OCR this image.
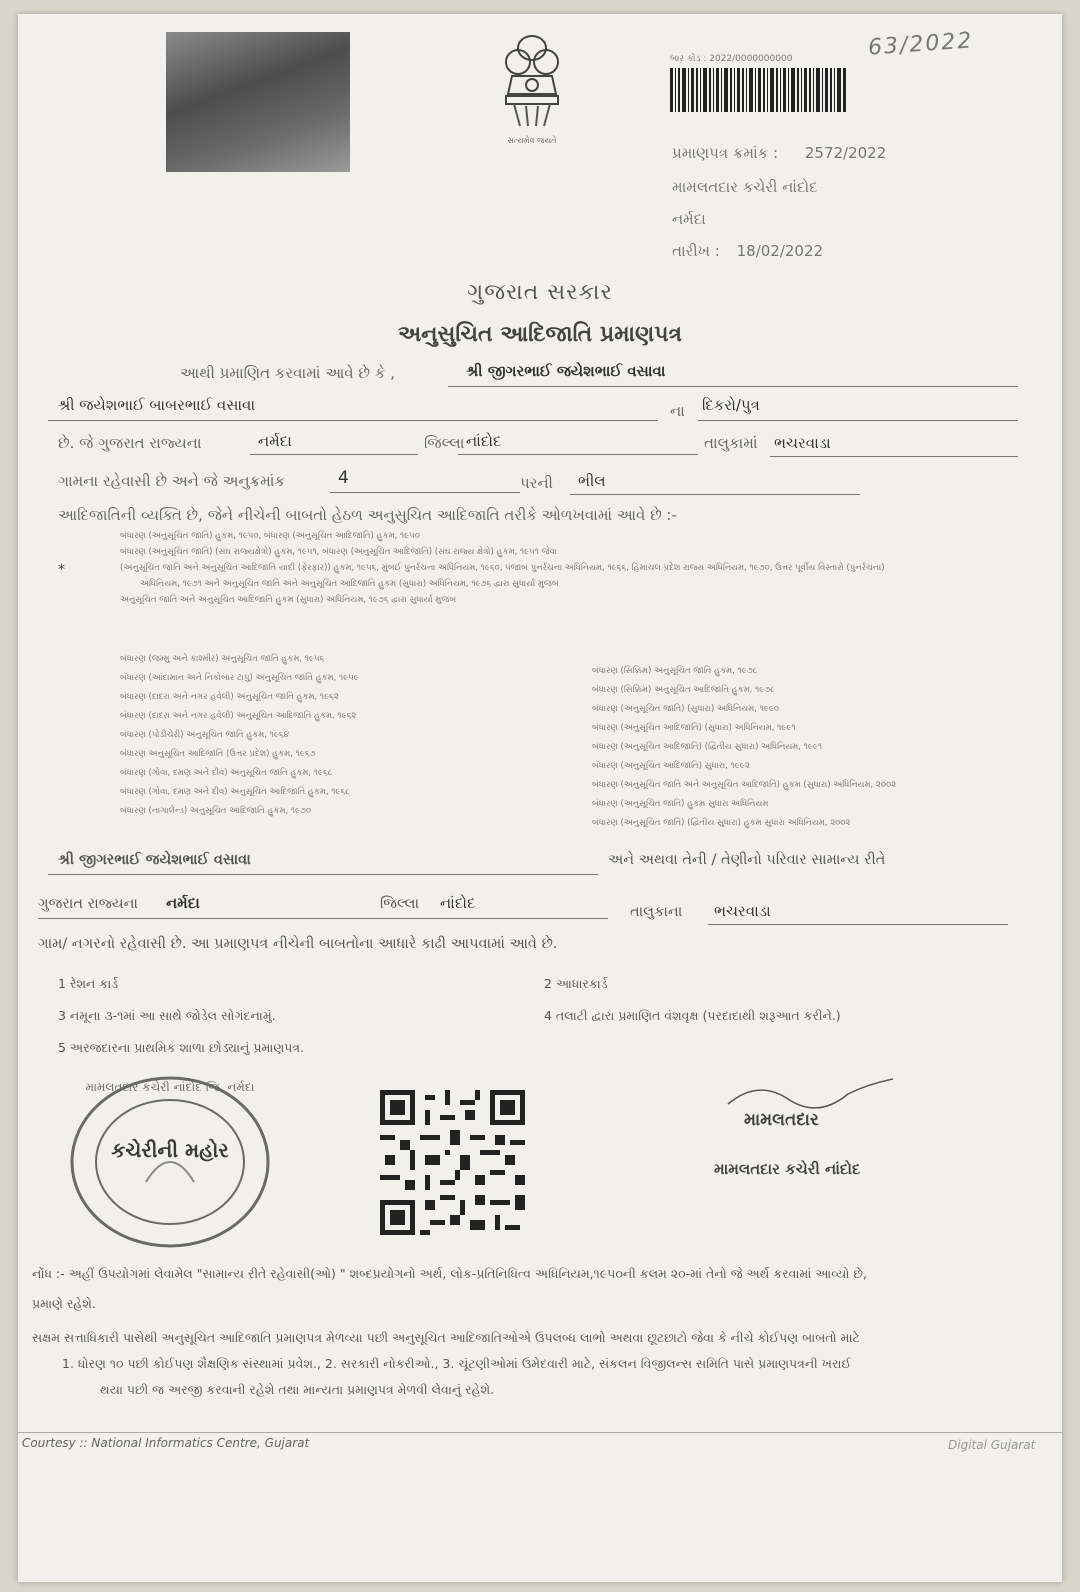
63/2022
સત્યમેવ જયતે
બાર કોડ : 2022/0000000000
પ્રમાણપત્ર ક્રમાંક : 2572/2022
મામલતદાર કચેરી નાંદોદ
નર્મદા
તારીખ : 18/02/2022
ગુજરાત સરકાર
અનુસુચિત આદિજાતિ પ્રમાણપત્ર
આથી પ્રમાણિત કરવામાં આવે છે કે ,	શ્રી જીગરભાઈ જયેશભાઈ વસાવા
શ્રી જયેશભાઈ બાબરભાઈ વસાવા	ના દિકરો/પુત્ર
છે. જે ગુજરાત રાજ્યના	નર્મદા	જિલ્લા નાંદોદ	તાલુકામાં ભચરવાડા
ગામના રહેવાસી છે અને જે અનુક્રમાંક	4	પરની ભીલ
આદિજાતિની વ્યક્તિ છે, જેને નીચેની બાબતો હેઠળ અનુસુચિત આદિજાતિ તરીકે ઓળખવામાં આવે છે :-
*
બંધારણ (અનુસૂચિત જાતિ) હુકમ, ૧૯૫૦, બંધારણ (અનુસૂચિત આદિજાતિ) હુકમ, ૧૯૫૦
બંધારણ (અનુસૂચિત જાતિ) (સંઘ રાજ્યક્ષેત્રો) હુકમ, ૧૯૫૧, બંધારણ (અનુસૂચિત આદિજાતિ) (સંઘ રાજ્ય ક્ષેત્રો) હુકમ, ૧૯૫૧ જેવા
(અનુસૂચિત જાતિ અને અનુસૂચિત આદિજાતિ યાદી (ફેરફાર)) હુકમ, ૧૯૫૬, મુંબઈ પુનર્રચના અધિનિયમ, ૧૯૬૦, પંજાબ પુનર્રચના અધિનિયમ, ૧૯૬૬, હિમાચલ પ્રદેશ રાજ્ય અધિનિયમ, ૧૯૭૦, ઉત્તર પૂર્વીય વિસ્તારો (પુનર્રચના)
અધિનિયમ, ૧૯૭૧ અને અનુસૂચિત જાતિ અને અનુસૂચિત આદિજાતિ હુકમ (સુધારા) અધિનિયમ, ૧૯૭૬ દ્વારા સુધાર્યા મુજબ
અનુસૂચિત જાતિ અને અનુસૂચિત આદિજાતિ હુકમ (સુધારા) અધિનિયમ, ૧૯૭૬ દ્વારા સુધાર્યા મુજબ
બંધારણ (જમ્મુ અને કાશ્મીર) અનુસૂચિત જાતિ હુકમ, ૧૯૫૬
બંધારણ (આંદામાન અને નિકોબાર ટાપુ) અનુસૂચિત જાતિ હુકમ, ૧૯૫૯
બંધારણ (દાદરા અને નગર હવેલી) અનુસૂચિત જાતિ હુકમ, ૧૯૬૨
બંધારણ (દાદરા અને નગર હવેલી) અનુસૂચિત આદિજાતિ હુકમ, ૧૯૬૨
બંધારણ (પોંડીચેરી) અનુસૂચિત જાતિ હુકમ, ૧૯૬૪
બંધારણ અનુસૂચિત આદિજાતિ (ઉત્તર પ્રદેશ) હુકમ, ૧૯૬૭
બંધારણ (ગોવા, દમણ અને દીવ) અનુસૂચિત જાતિ હુકમ, ૧૯૬૮
બંધારણ (ગોવા, દમણ અને દીવ) અનુસૂચિત આદિજાતિ હુકમ, ૧૯૬૮
બંધારણ (નાગાલેન્ડ) અનુસૂચિત આદિજાતિ હુકમ, ૧૯૭૦
બંધારણ (સિક્કિમ) અનુસૂચિત જાતિ હુકમ, ૧૯૭૮
બંધારણ (સિક્કિમ) અનુસૂચિત આદિજાતિ હુકમ, ૧૯૭૮
બંધારણ (અનુસૂચિત જાતિ) (સુધારા) અધિનિયમ, ૧૯૯૦
બંધારણ (અનુસૂચિત આદિજાતિ) (સુધારા) અધિનિયમ, ૧૯૯૧
બંધારણ (અનુસૂચિત આદિજાતિ) (દ્વિતીય સુધારા) અધિનિયમ, ૧૯૯૧
બંધારણ (અનુસૂચિત આદિજાતિ) સુધારા, ૧૯૯૨
બંધારણ (અનુસૂચિત જાતિ અને અનુસૂચિત આદિજાતિ) હુકમ (સુધારા) અધિનિયમ, ૨૦૦૨
બંધારણ (અનુસૂચિત જાતિ) હુકમ સુધારા અધિનિયમ
બંધારણ (અનુસૂચિત જાતિ) (દ્વિતીય સુધારા) હુકમ સુધારા અધિનિયમ, ૨૦૦૨
શ્રી જીગરભાઈ જયેશભાઈ વસાવા	અને અથવા તેની / તેણીનો પરિવાર સામાન્ય રીતે
ગુજરાત રાજ્યના નર્મદા	જિલ્લા નાંદોદ	તાલુકાના ભચરવાડા
ગામ/ નગરનો રહેવાસી છે. આ પ્રમાણપત્ર નીચેની બાબતોના આધારે કાઢી આપવામાં આવે છે.
1 રેશન કાર્ડ	2 આધારકાર્ડ
3 નમૂના ૩-૧માં આ સાથે જોડેલ સોગંદનામું.	4 તલાટી દ્વારા પ્રમાણિત વંશવૃક્ષ (પરદાદાથી શરૂઆત કરીને.)
5 અરજદારના પ્રાથમિક શાળા છોડ્યાનું પ્રમાણપત્ર.
મામલતદાર કચેરી નાંદોદ જિ. નર્મદા
કચેરીની મહોર
મામલતદાર
મામલતદાર કચેરી નાંદોદ
નોંધ :- અહીં ઉપયોગમાં લેવામેલ "સામાન્ય રીતે રહેવાસી(ઓ) " શબ્દપ્રયોગનો અર્થ, લોક-પ્રતિનિધિત્વ અધિનિયમ,૧૯૫૦ની કલમ ૨૦-માં તેનો જે અર્થ કરવામાં આવ્યો છે,
પ્રમાણે રહેશે.
સક્ષમ સત્તાધિકારી પાસેથી અનુસૂચિત આદિજાતિ પ્રમાણપત્ર મેળવ્યા પછી અનુસૂચિત આદિજાતિઓએ ઉપલબ્ધ લાભો અથવા છૂટછાટો જેવા કે નીચે કોઈપણ બાબતો માટે
1. ધોરણ ૧૦ પછી કોઈપણ શૈક્ષણિક સંસ્થામાં પ્રવેશ., 2. સરકારી નોકરીઓ., 3. ચૂંટણીઓમાં ઉમેદવારી માટે, સંકલન વિજીલન્સ સમિતિ પાસે પ્રમાણપત્રની ખરાઈ
થયા પછી જ અરજી કરવાની રહેશે તથા માન્યતા પ્રમાણપત્ર મેળવી લેવાનું રહેશે.
Courtesy :: National Informatics Centre, Gujarat	Digital Gujarat
